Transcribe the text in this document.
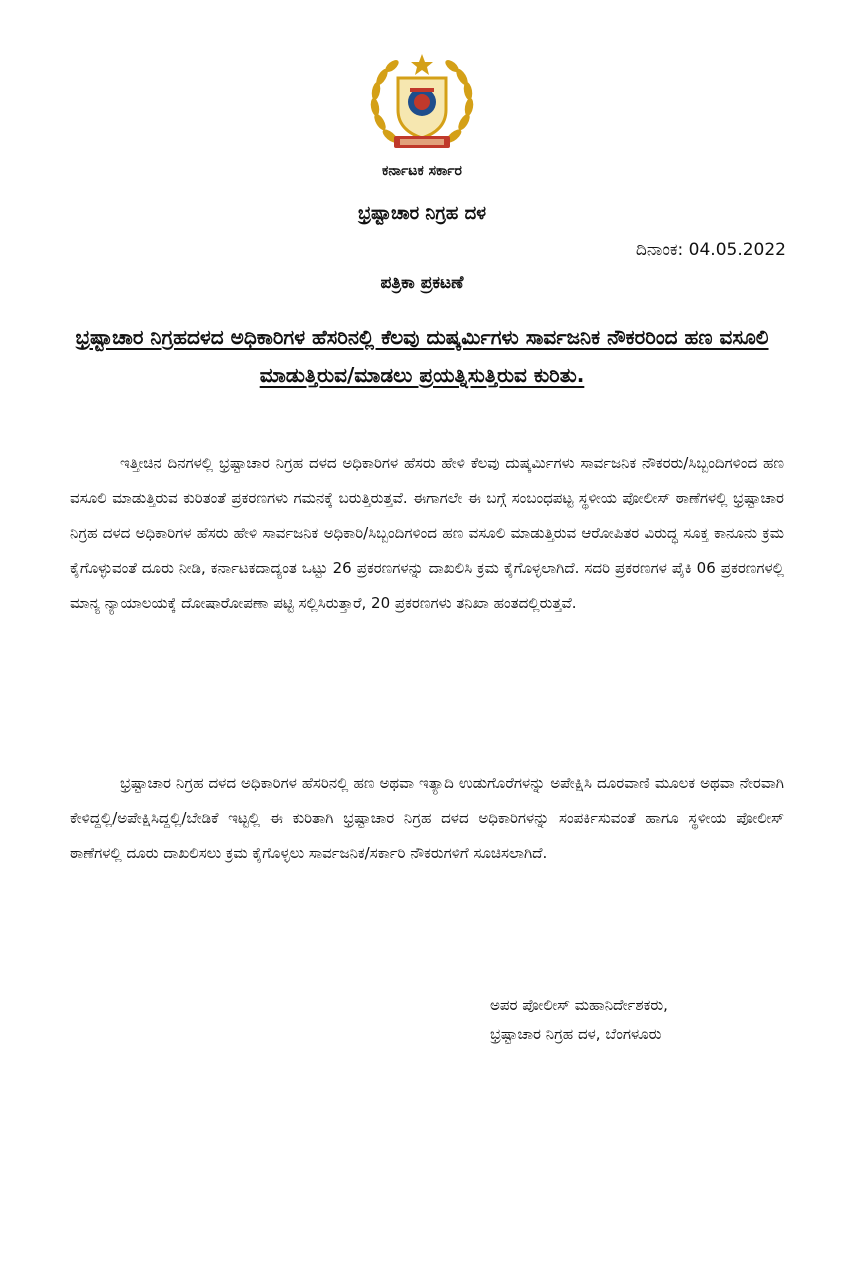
ಕರ್ನಾಟಕ ಸರ್ಕಾರ
ಭ್ರಷ್ಟಾಚಾರ ನಿಗ್ರಹ ದಳ
ದಿನಾಂಕ: 04.05.2022
ಪತ್ರಿಕಾ ಪ್ರಕಟಣೆ
ಭ್ರಷ್ಟಾಚಾರ ನಿಗ್ರಹದಳದ ಅಧಿಕಾರಿಗಳ ಹೆಸರಿನಲ್ಲಿ ಕೆಲವು ದುಷ್ಕರ್ಮಿಗಳು ಸಾರ್ವಜನಿಕ ನೌಕರರಿಂದ ಹಣ ವಸೂಲಿ ಮಾಡುತ್ತಿರುವ/ಮಾಡಲು ಪ್ರಯತ್ನಿಸುತ್ತಿರುವ ಕುರಿತು.

ಇತ್ತೀಚಿನ ದಿನಗಳಲ್ಲಿ ಭ್ರಷ್ಟಾಚಾರ ನಿಗ್ರಹ ದಳದ ಅಧಿಕಾರಿಗಳ ಹೆಸರು ಹೇಳಿ ಕೆಲವು ದುಷ್ಕರ್ಮಿಗಳು ಸಾರ್ವಜನಿಕ ನೌಕರರು/ಸಿಬ್ಬಂದಿಗಳಿಂದ ಹಣ ವಸೂಲಿ ಮಾಡುತ್ತಿರುವ ಕುರಿತಂತೆ ಪ್ರಕರಣಗಳು ಗಮನಕ್ಕೆ ಬರುತ್ತಿರುತ್ತವೆ. ಈಗಾಗಲೇ ಈ ಬಗ್ಗೆ ಸಂಬಂಧಪಟ್ಟ ಸ್ಥಳೀಯ ಪೋಲೀಸ್ ಠಾಣೆಗಳಲ್ಲಿ ಭ್ರಷ್ಟಾಚಾರ ನಿಗ್ರಹ ದಳದ ಅಧಿಕಾರಿಗಳ ಹೆಸರು ಹೇಳಿ ಸಾರ್ವಜನಿಕ ಅಧಿಕಾರಿ/ಸಿಬ್ಬಂದಿಗಳಿಂದ ಹಣ ವಸೂಲಿ ಮಾಡುತ್ತಿರುವ ಆರೋಪಿತರ ವಿರುದ್ಧ ಸೂಕ್ತ ಕಾನೂನು ಕ್ರಮ ಕೈಗೊಳ್ಳುವಂತೆ ದೂರು ನೀಡಿ, ಕರ್ನಾಟಕದಾದ್ಯಂತ ಒಟ್ಟು 26 ಪ್ರಕರಣಗಳನ್ನು ದಾಖಲಿಸಿ ಕ್ರಮ ಕೈಗೊಳ್ಳಲಾಗಿದೆ. ಸದರಿ ಪ್ರಕರಣಗಳ ಪೈಕಿ 06 ಪ್ರಕರಣಗಳಲ್ಲಿ ಮಾನ್ಯ ನ್ಯಾಯಾಲಯಕ್ಕೆ ದೋಷಾರೋಪಣಾ ಪಟ್ಟಿ ಸಲ್ಲಿಸಿರುತ್ತಾರೆ, 20 ಪ್ರಕರಣಗಳು ತನಿಖಾ ಹಂತದಲ್ಲಿರುತ್ತವೆ.

ಭ್ರಷ್ಟಾಚಾರ ನಿಗ್ರಹ ದಳದ ಅಧಿಕಾರಿಗಳ ಹೆಸರಿನಲ್ಲಿ ಹಣ ಅಥವಾ ಇತ್ಯಾದಿ ಉಡುಗೊರೆಗಳನ್ನು ಅಪೇಕ್ಷಿಸಿ ದೂರವಾಣಿ ಮೂಲಕ ಅಥವಾ ನೇರವಾಗಿ ಕೇಳಿದ್ದಲ್ಲಿ/ಅಪೇಕ್ಷಿಸಿದ್ದಲ್ಲಿ/ಬೇಡಿಕೆ ಇಟ್ಟಲ್ಲಿ ಈ ಕುರಿತಾಗಿ ಭ್ರಷ್ಟಾಚಾರ ನಿಗ್ರಹ ದಳದ ಅಧಿಕಾರಿಗಳನ್ನು ಸಂಪರ್ಕಿಸುವಂತೆ ಹಾಗೂ ಸ್ಥಳೀಯ ಪೋಲೀಸ್ ಠಾಣೆಗಳಲ್ಲಿ ದೂರು ದಾಖಲಿಸಲು ಕ್ರಮ ಕೈಗೊಳ್ಳಲು ಸಾರ್ವಜನಿಕ/ಸರ್ಕಾರಿ ನೌಕರುಗಳಿಗೆ ಸೂಚಿಸಲಾಗಿದೆ.

ಅಪರ ಪೋಲೀಸ್ ಮಹಾನಿರ್ದೇಶಕರು,
ಭ್ರಷ್ಟಾಚಾರ ನಿಗ್ರಹ ದಳ, ಬೆಂಗಳೂರು
